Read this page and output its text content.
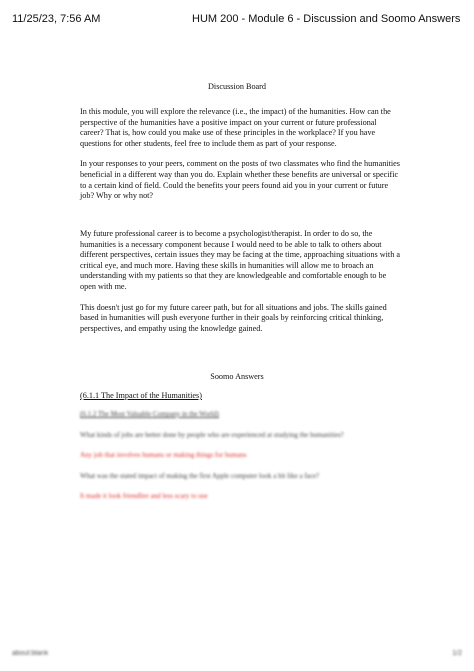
11/25/23, 7:56 AM	HUM 200 - Module 6 - Discussion and Soomo Answers
Discussion Board

In this module, you will explore the relevance (i.e., the impact) of the humanities. How can the perspective of the humanities have a positive impact on your current or future professional career? That is, how could you make use of these principles in the workplace? If you have questions for other students, feel free to include them as part of your response.

In your responses to your peers, comment on the posts of two classmates who find the humanities beneficial in a different way than you do. Explain whether these benefits are universal or specific to a certain kind of field. Could the benefits your peers found aid you in your current or future job? Why or why not?

My future professional career is to become a psychologist/therapist. In order to do so, the humanities is a necessary component because I would need to be able to talk to others about different perspectives, certain issues they may be facing at the time, approaching situations with a critical eye, and much more. Having these skills in humanities will allow me to broach an understanding with my patients so that they are knowledgeable and comfortable enough to be open with me.

This doesn't just go for my future career path, but for all situations and jobs. The skills gained based in humanities will push everyone further in their goals by reinforcing critical thinking, perspectives, and empathy using the knowledge gained.

Soomo Answers
(6.1.1 The Impact of the Humanities)

(6.1.2 The Most Valuable Company in the World)

What kinds of jobs are better done by people who are experienced at studying the humanities?

Any job that involves humans or making things for humans

What was the stated impact of making the first Apple computer look a bit like a face?

It made it look friendlier and less scary to use

about:blank	1/2
